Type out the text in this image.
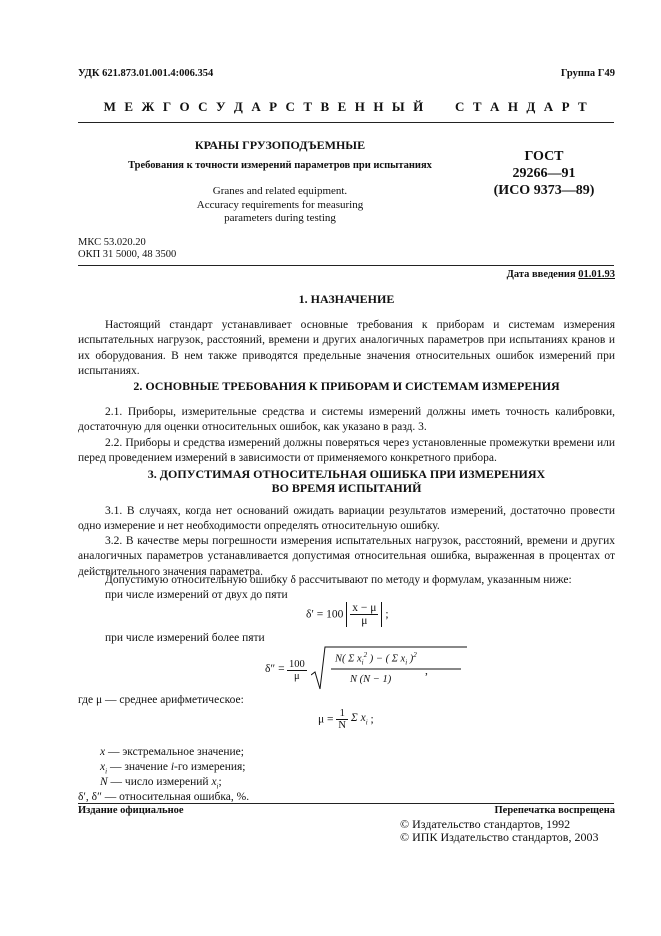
УДК 621.873.01.001.4:006.354	Группа Г49
М Е Ж Г О С У Д А Р С Т В Е Н Н Ы Й     С Т А Н Д А Р Т
КРАНЫ ГРУЗОПОДЪЕМНЫЕ
Требования к точности измерений параметров при испытаниях
Granes and related equipment.
Accuracy requirements for measuring
parameters during testing
ГОСТ
29266—91
(ИСО 9373—89)
МКС 53.020.20
ОКП 31 5000, 48 3500
Дата введения 01.01.93
1. НАЗНАЧЕНИЕ
Настоящий стандарт устанавливает основные требования к приборам и системам измерения испытательных нагрузок, расстояний, времени и других аналогичных параметров при испытаниях кранов и их оборудования. В нем также приводятся предельные значения относительных ошибок измерений при испытаниях.
2. ОСНОВНЫЕ ТРЕБОВАНИЯ К ПРИБОРАМ И СИСТЕМАМ ИЗМЕРЕНИЯ
2.1. Приборы, измерительные средства и системы измерений должны иметь точность калибровки, достаточную для оценки относительных ошибок, как указано в разд. 3.
2.2. Приборы и средства измерений должны поверяться через установленные промежутки времени или перед проведением измерений в зависимости от применяемого конкретного прибора.
3. ДОПУСТИМАЯ ОТНОСИТЕЛЬНАЯ ОШИБКА ПРИ ИЗМЕРЕНИЯХ
ВО ВРЕМЯ ИСПЫТАНИЙ
3.1. В случаях, когда нет оснований ожидать вариации результатов измерений, достаточно провести одно измерение и нет необходимости определять относительную ошибку.
3.2. В качестве меры погрешности измерения испытательных нагрузок, расстояний, времени и других аналогичных параметров устанавливается допустимая относительная ошибка, выраженная в процентах от действительного значения параметра.
Допустимую относительную ошибку δ рассчитывают по методу и формулам, указанным ниже:
при числе измерений от двух до пяти
$\delta' = 100 \frac{x - \mu}{\mu}$ ;
при числе измерений более пяти
$\delta'' = \frac{100}{\mu}$	N( Σ $x_i^2$ ) − ( Σ $x_i$ )$^2$
N (N − 1)
,
где μ — среднее арифметическое:
$\mu = \frac{1}{N}$ Σ $x_i$ ;
x — экстремальное значение;
$x_i$ — значение i-го измерения;
N — число измерений $x_i$;
δ′, δ″ — относительная ошибка, %.
Издание официальное	Перепечатка воспрещена
© Издательство стандартов, 1992
© ИПК Издательство стандартов, 2003
